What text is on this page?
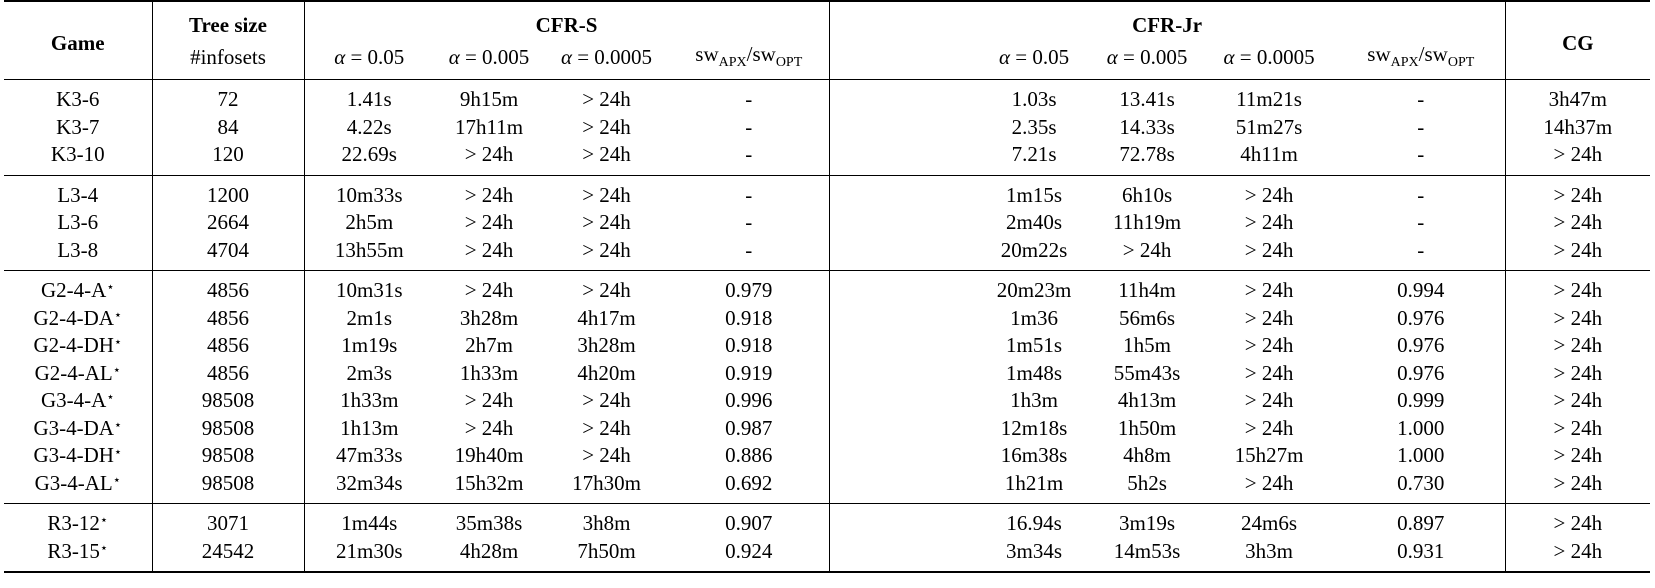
Game	Tree size	CFR-S				CFR-Jr					CG
	#infosets	α = 0.05	α = 0.005	α = 0.0005	$sw_{APX}/sw_{OPT}$		α = 0.05	α = 0.005	α = 0.0005	$sw_{APX}/sw_{OPT}$
K3-6	72	1.41s	9h15m	> 24h	-		1.03s	13.41s	11m21s	-	3h47m
K3-7	84	4.22s	17h11m	> 24h	-		2.35s	14.33s	51m27s	-	14h37m
K3-10	120	22.69s	> 24h	> 24h	-		7.21s	72.78s	4h11m	-	> 24h
L3-4	1200	10m33s	> 24h	> 24h	-		1m15s	6h10s	> 24h	-	> 24h
L3-6	2664	2h5m	> 24h	> 24h	-		2m40s	11h19m	> 24h	-	> 24h
L3-8	4704	13h55m	> 24h	> 24h	-		20m22s	> 24h	> 24h	-	> 24h
G2-4-A⋆	4856	10m31s	> 24h	> 24h	0.979		20m23m	11h4m	> 24h	0.994	> 24h
G2-4-DA⋆	4856	2m1s	3h28m	4h17m	0.918		1m36	56m6s	> 24h	0.976	> 24h
G2-4-DH⋆	4856	1m19s	2h7m	3h28m	0.918		1m51s	1h5m	> 24h	0.976	> 24h
G2-4-AL⋆	4856	2m3s	1h33m	4h20m	0.919		1m48s	55m43s	> 24h	0.976	> 24h
G3-4-A⋆	98508	1h33m	> 24h	> 24h	0.996		1h3m	4h13m	> 24h	0.999	> 24h
G3-4-DA⋆	98508	1h13m	> 24h	> 24h	0.987		12m18s	1h50m	> 24h	1.000	> 24h
G3-4-DH⋆	98508	47m33s	19h40m	> 24h	0.886		16m38s	4h8m	15h27m	1.000	> 24h
G3-4-AL⋆	98508	32m34s	15h32m	17h30m	0.692		1h21m	5h2s	> 24h	0.730	> 24h
R3-12⋆	3071	1m44s	35m38s	3h8m	0.907		16.94s	3m19s	24m6s	0.897	> 24h
R3-15⋆	24542	21m30s	4h28m	7h50m	0.924		3m34s	14m53s	3h3m	0.931	> 24h
